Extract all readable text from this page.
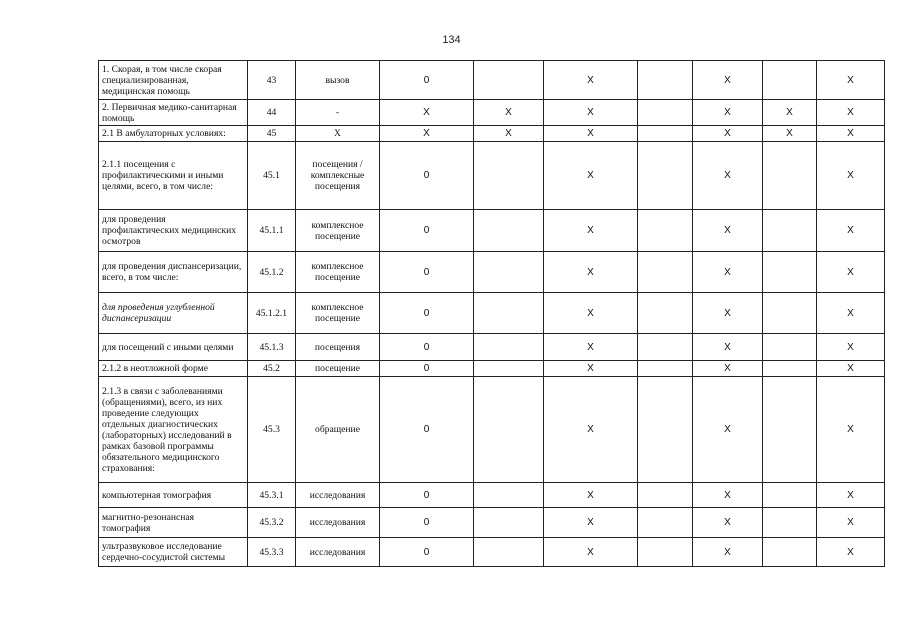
134
1. Скорая, в том числе скорая специализированная, медицинская помощь	43	вызов	0		X		X		X
2. Первичная медико-санитарная помощь	44	-	X	X	X		X	X	X
2.1 В амбулаторных условиях:	45	X	X	X	X		X	X	X
2.1.1 посещения с профилактическими и иными целями, всего, в том числе:	45.1	посещения / комплексные посещения	0		X		X		X
для проведения профилактических медицинских осмотров	45.1.1	комплексное посещение	0		X		X		X
для проведения диспансеризации, всего, в том числе:	45.1.2	комплексное посещение	0		X		X		X
для проведения углубленной диспансеризации	45.1.2.1	комплексное посещение	0		X		X		X
для посещений с иными целями	45.1.3	посещения	0		X		X		X
2.1.2 в неотложной форме	45.2	посещение	0		X		X		X
2.1.3 в связи с заболеваниями (обращениями), всего, из них проведение следующих отдельных диагностических (лабораторных) исследований в рамках базовой программы обязательного медицинского страхования:	45.3	обращение	0		X		X		X
компьютерная томография	45.3.1	исследования	0		X		X		X
магнитно-резонансная томография	45.3.2	исследования	0		X		X		X
ультразвуковое исследование сердечно-сосудистой системы	45.3.3	исследования	0		X		X		X
